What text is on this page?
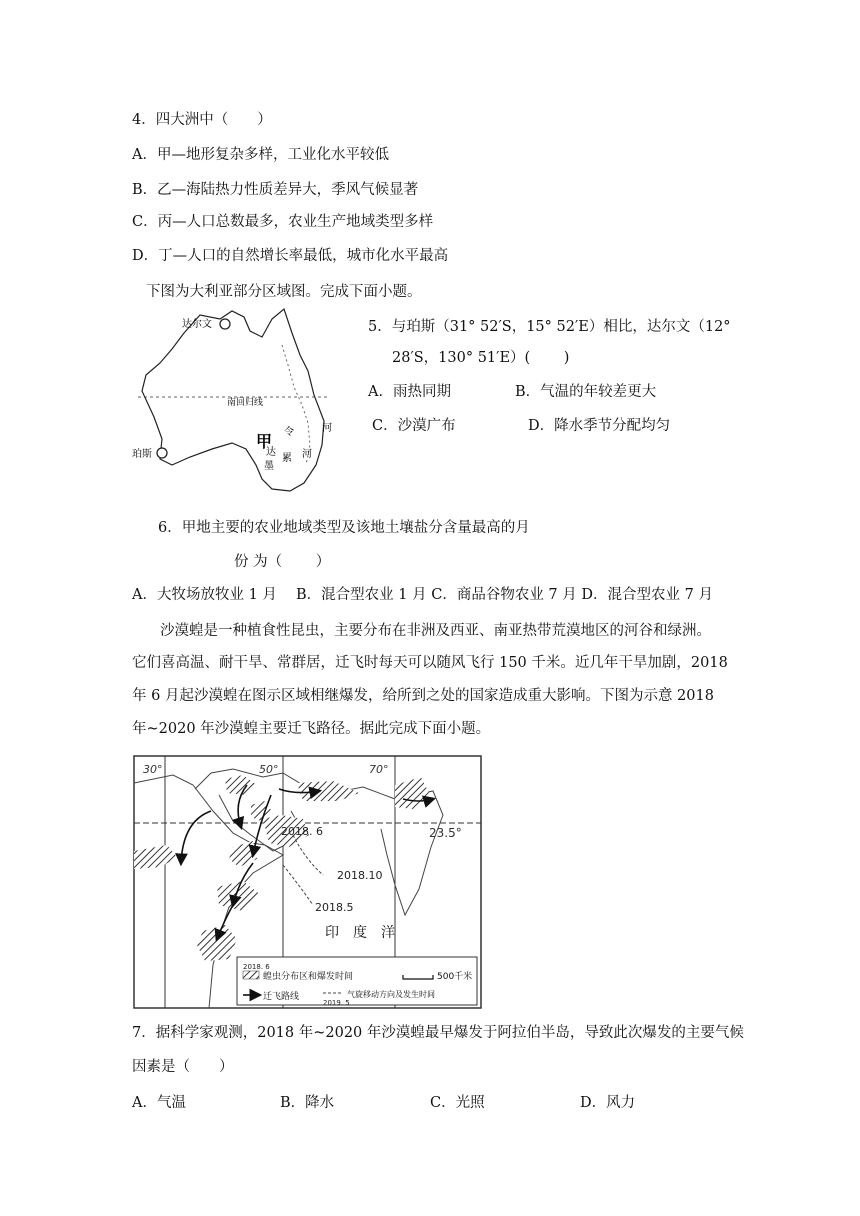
4．四大洲中（　　）
A．甲—地形复杂多样，工业化水平较低
B．乙—海陆热力性质差异大，季风气候显著
C．丙—人口总数最多，农业生产地域类型多样
D．丁—人口的自然增长率最低，城市化水平最高
下图为大利亚部分区域图。完成下面小题。
达尔文
珀斯
南回归线
甲
河
令
达
墨
累 河
5．与珀斯（31° 52′S，15° 52′E）相比，达尔文（12°
28′S，130° 51′E）(　　 )
A．雨热同期	B．气温的年较差更大
C．沙漠广布	D．降水季节分配均匀
6．甲地主要的农业地域类型及该地土壤盐分含量最高的月
份 为（　　 ）
A．大牧场放牧业 1 月　 B．混合型农业 1 月 C．商品谷物农业 7 月 D．混合型农业 7 月
沙漠蝗是一种植食性昆虫，主要分布在非洲及西亚、南亚热带荒漠地区的河谷和绿洲。
它们喜高温、耐干旱、常群居，迁飞时每天可以随风飞行 150 千米。近几年干旱加剧，2018
年 6 月起沙漠蝗在图示区域相继爆发，给所到之处的国家造成重大影响。下图为示意 2018
年~2020 年沙漠蝗主要迁飞路径。据此完成下面小题。
30°	50°	70°
23.5°
2018. 6
2018.10
2018.5
印　度　洋
2018. 6
蝗虫分布区和爆发时间	500千米
迁飞路线
2019. 5
气旋移动方向及发生时间
7．据科学家观测，2018 年~2020 年沙漠蝗最早爆发于阿拉伯半岛，导致此次爆发的主要气候
因素是（　　）
A．气温	B．降水	C．光照	D．风力
